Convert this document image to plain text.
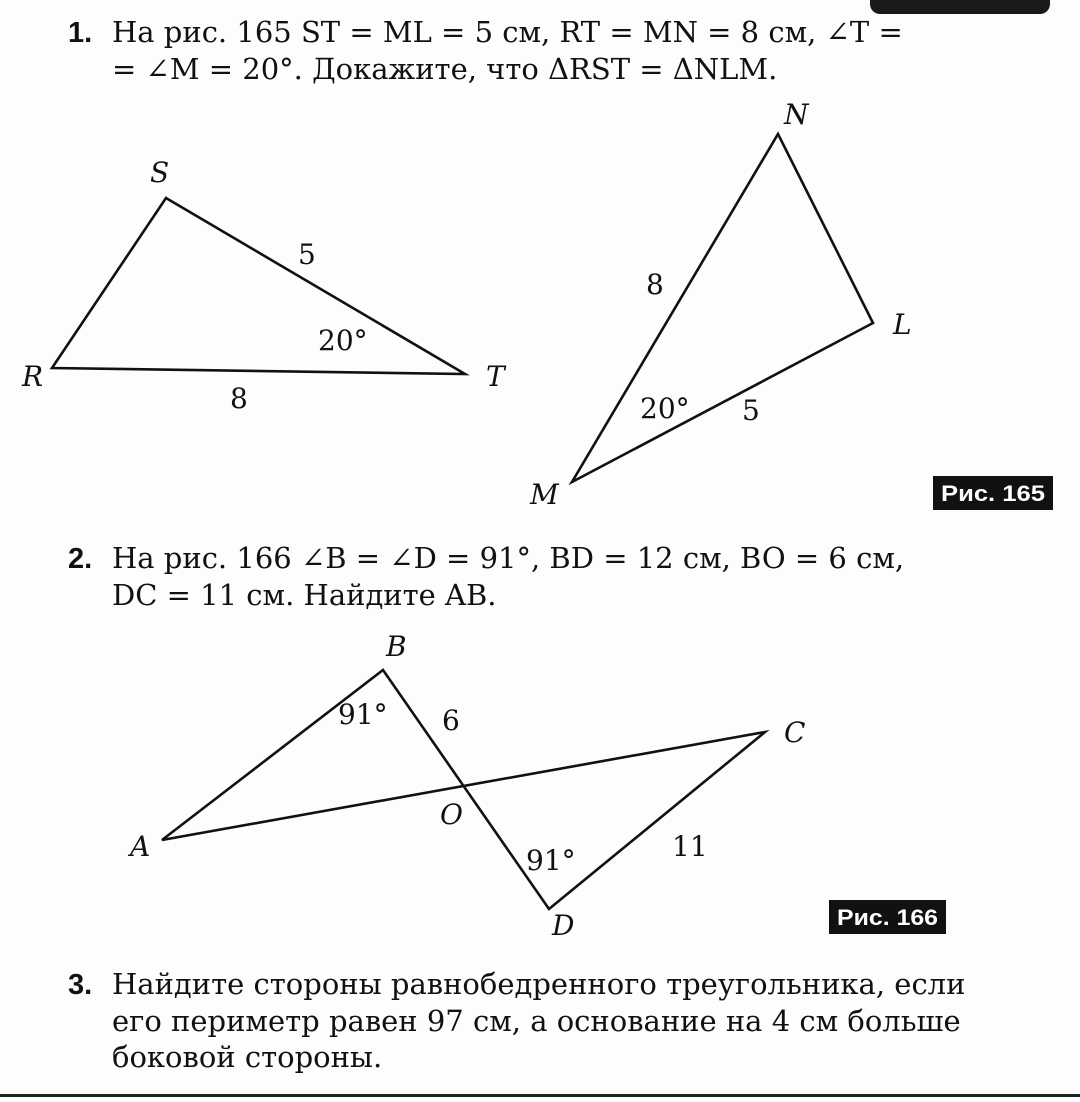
1. На рис. 165 ST = ML = 5 см, RT = MN = 8 см, ∠T =
= ∠M = 20°. Докажите, что ΔRST = ΔNLM.
S
R	T
5
8
20°
N
L
M
8
5
20°
Рис. 165
2. На рис. 166 ∠B = ∠D = 91°, BD = 12 см, BO = 6 см,
DC = 11 см. Найдите AB.
B
A
C
D
O
91°
91°
6
11
Рис. 166
3. Найдите стороны равнобедренного треугольника, если
его периметр равен 97 см, а основание на 4 см больше
боковой стороны.
